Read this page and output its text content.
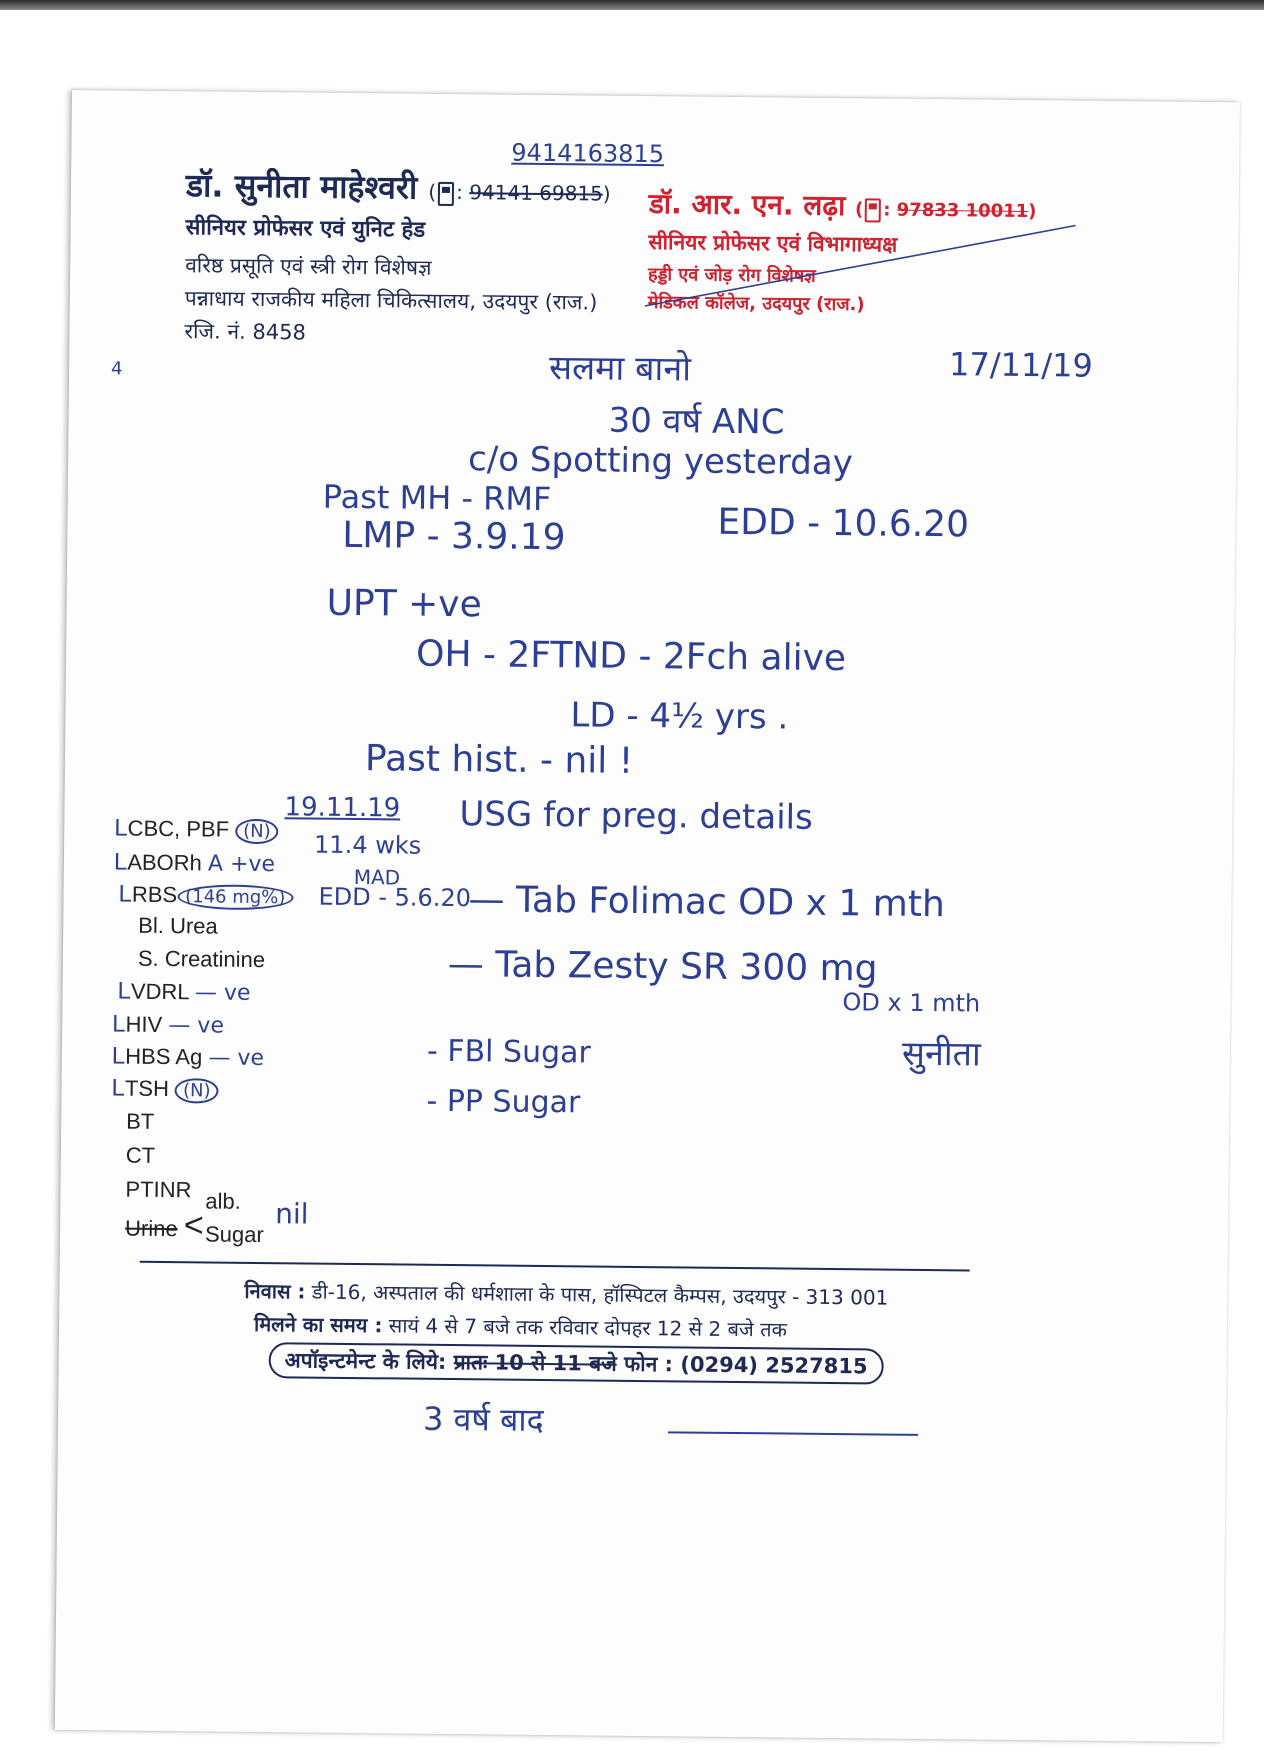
डॉ. सुनीता माहेश्वरी ( : 94141 69815)
9414163815
सीनियर प्रोफेसर एवं युनिट हेड
वरिष्ठ प्रसूति एवं स्त्री रोग विशेषज्ञ
पन्नाधाय राजकीय महिला चिकित्सालय, उदयपुर (राज.)
रजि. नं. 8458
डॉ. आर. एन. लढ़ा ( : 97833 10011)
सीनियर प्रोफेसर एवं विभागाध्यक्ष
हड्डी एवं जोड़ रोग विशेषज्ञ
मेडिकल कॉलेज, उदयपुर (राज.)
4	सलमा बानो	17/11/19
30 वर्ष ANC
c/o Spotting yesterday
Past MH - RMF
LMP - 3.9.19	EDD - 10.6.20
UPT +ve
OH - 2FTND - 2Fch alive
LD - 4½ yrs .
Past hist. - nil !
19.11.19 USG for preg. details
11.4 wks
MAD
EDD - 5.6.20
— Tab Folimac OD x 1 mth
— Tab Zesty SR 300 mg
OD x 1 mth
- FBl Sugar
- PP Sugar
सुनीता
LCBC, PBF (N)
LABORh A +ve
LRBS (146 mg%)
Bl. Urea
S. Creatinine
LVDRL — ve
LHIV — ve
LHBS Ag — ve
LTSH (N)
BT
CT
PTINR
Urine <
alb.
Sugar
nil
निवास : डी-16, अस्पताल की धर्मशाला के पास, हॉस्पिटल कैम्पस, उदयपुर - 313 001
मिलने का समय : सायं 4 से 7 बजे तक रविवार दोपहर 12 से 2 बजे तक
अपॉइन्टमेन्ट के लिये: प्रातः 10 से 11 बजे फोन : (0294) 2527815
3 वर्ष बाद
